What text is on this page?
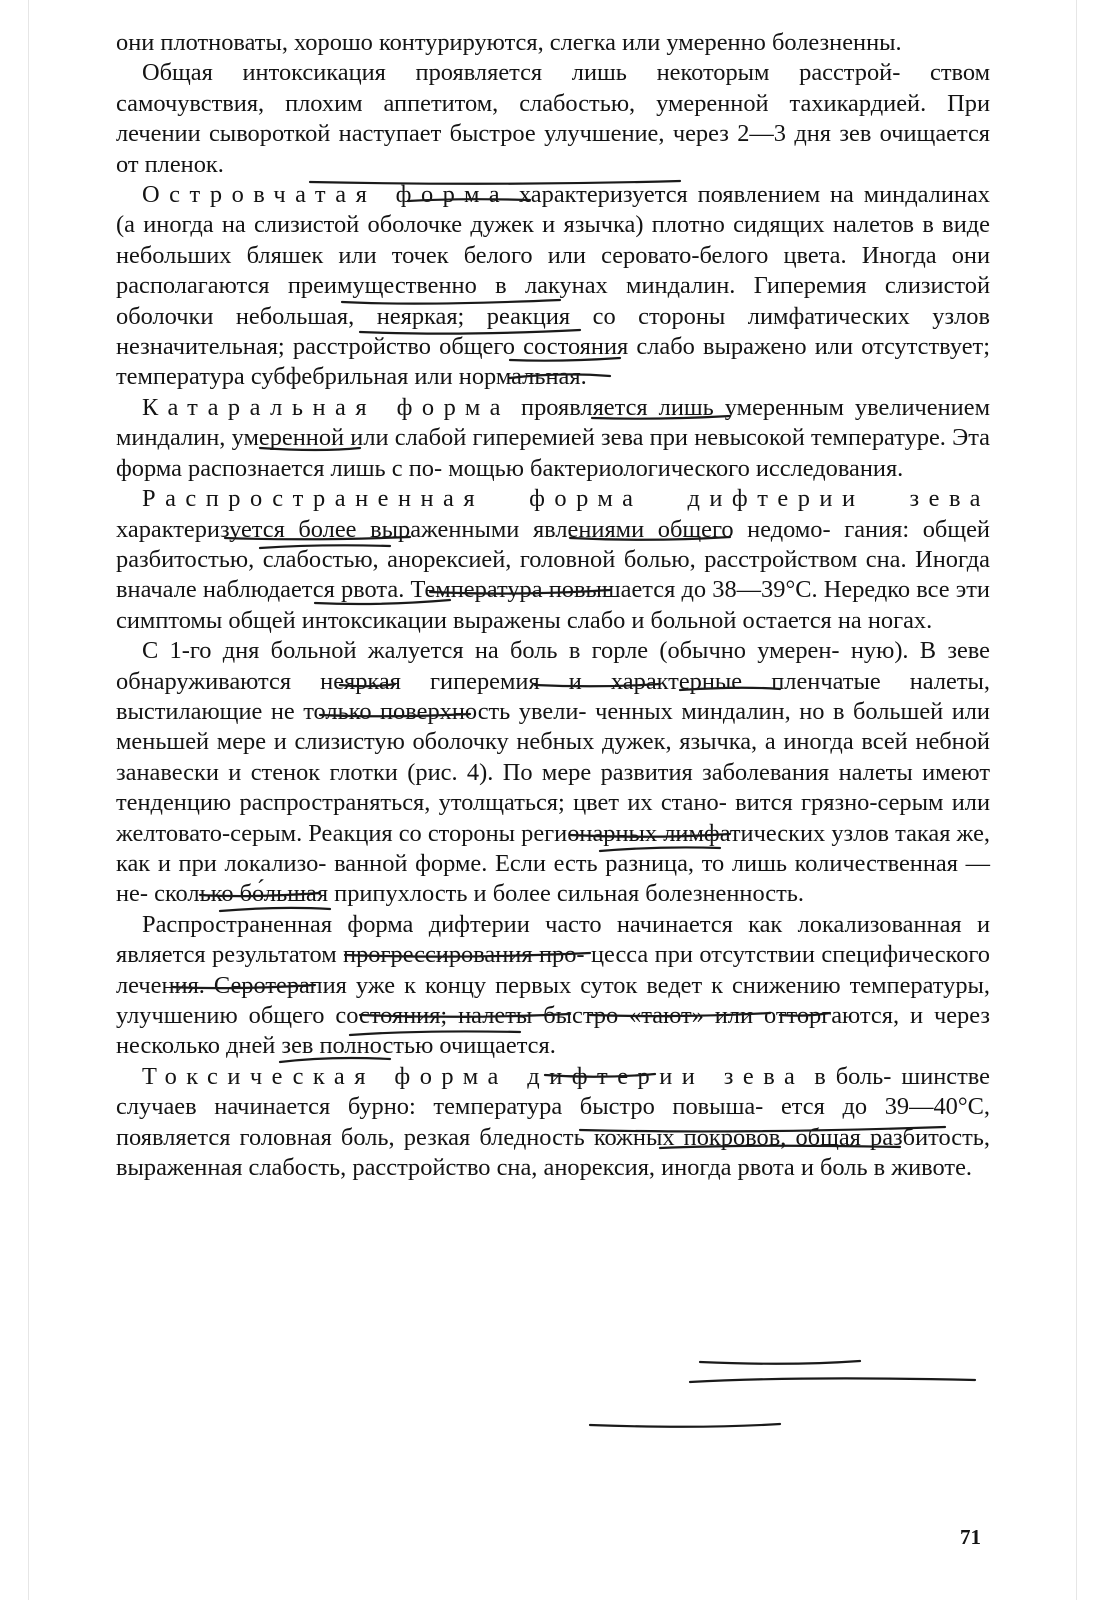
они плотноваты, хорошо контурируются, слегка или умеренно болезненны.

Общая интоксикация проявляется лишь некоторым расстрой- ством самочувствия, плохим аппетитом, слабостью, умеренной тахикардией. При лечении сывороткой наступает быстрое улучшение, через 2—3 дня зев очищается от пленок.

Островчатая форма характеризуется появлением на миндалинах (а иногда на слизистой оболочке дужек и язычка) плотно сидящих налетов в виде небольших бляшек или точек белого или серовато-белого цвета. Иногда они располагаются преимущественно в лакунах миндалин. Гиперемия слизистой оболочки небольшая, неяркая; реакция со стороны лимфатических узлов незначительная; расстройство общего состояния слабо выражено или отсутствует; температура субфебрильная или нормальная.

Катаральная форма проявляется лишь умеренным увеличением миндалин, умеренной или слабой гиперемией зева при невысокой температуре. Эта форма распознается лишь с по- мощью бактериологического исследования.

Распространенная форма дифтерии зева характеризуется более выраженными явлениями общего недомо- гания: общей разбитостью, слабостью, анорексией, головной болью, расстройством сна. Иногда вначале наблюдается рвота. Температура повышается до 38—39°С. Нередко все эти симптомы общей интоксикации выражены слабо и больной остается на ногах.

С 1-го дня больной жалуется на боль в горле (обычно умерен- ную). В зеве обнаруживаются неяркая гиперемия и характерные пленчатые налеты, выстилающие не только поверхность увели- ченных миндалин, но в большей или меньшей мере и слизистую оболочку небных дужек, язычка, а иногда всей небной занавески и стенок глотки (рис. 4). По мере развития заболевания налеты имеют тенденцию распространяться, утолщаться; цвет их стано- вится грязно-серым или желтовато-серым. Реакция со стороны регионарных лимфатических узлов такая же, как и при локализо- ванной форме. Если есть разница, то лишь количественная — не- сколько бо́льшая припухлость и более сильная болезненность.

Распространенная форма дифтерии часто начинается как локализованная и является результатом прогрессирования про- цесса при отсутствии специфического лечения. Серотерапия уже к концу первых суток ведет к снижению температуры, улучшению общего состояния; налеты быстро «тают» или отторгаются, и через несколько дней зев полностью очищается.

Токсическая форма дифтерии зева в боль- шинстве случаев начинается бурно: температура быстро повыша- ется до 39—40°С, появляется головная боль, резкая бледность кожных покровов, общая разбитость, выраженная слабость, расстройство сна, анорексия, иногда рвота и боль в животе.

71
